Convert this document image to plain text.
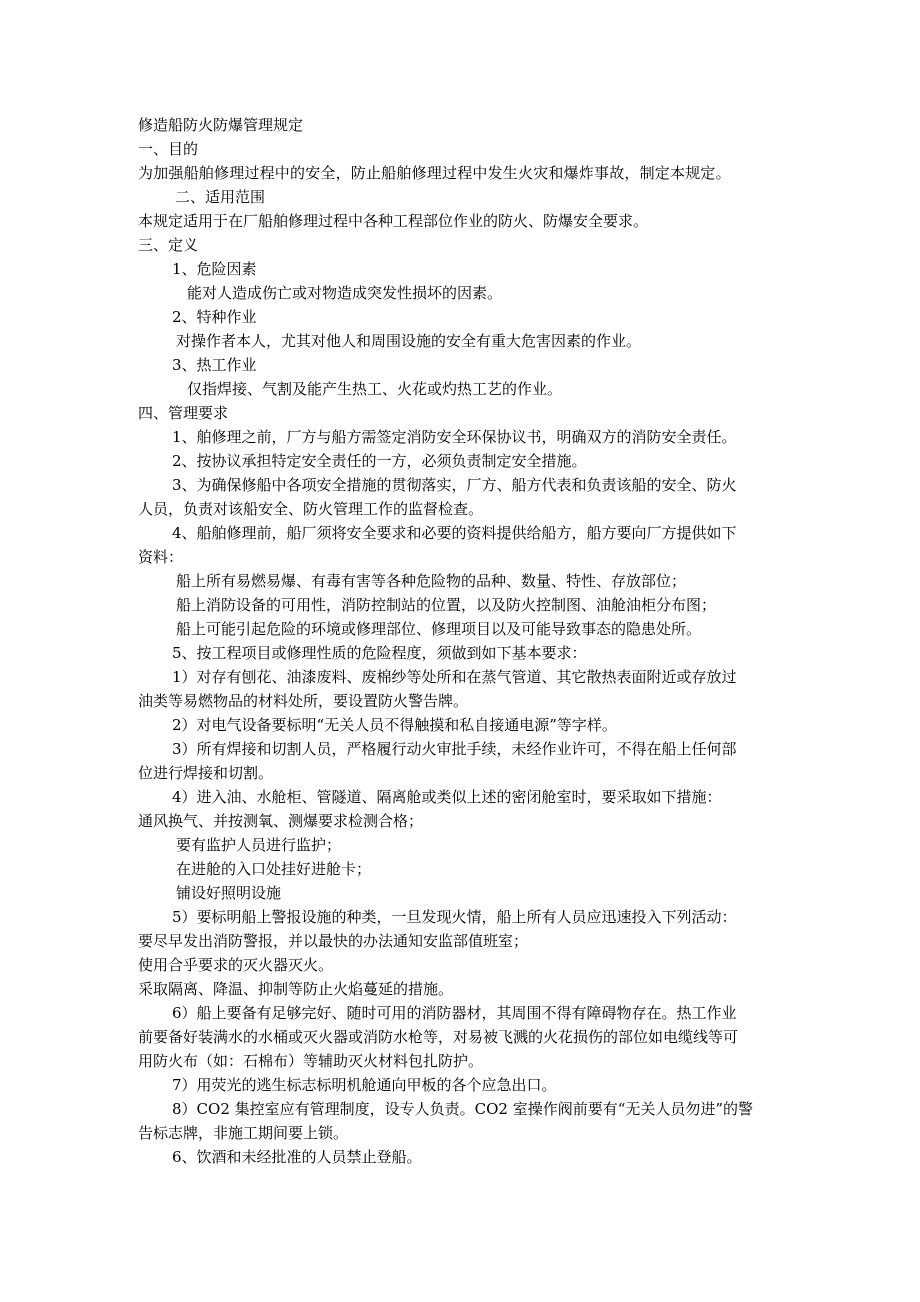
修造船防火防爆管理规定
一、目的
为加强船舶修理过程中的安全，防止船舶修理过程中发生火灾和爆炸事故，制定本规定。
二、适用范围
本规定适用于在厂船舶修理过程中各种工程部位作业的防火、防爆安全要求。
三、定义
1、危险因素
能对人造成伤亡或对物造成突发性损坏的因素。
2、特种作业
对操作者本人，尤其对他人和周围设施的安全有重大危害因素的作业。
3、热工作业
仅指焊接、气割及能产生热工、火花或灼热工艺的作业。
四、管理要求
1、舶修理之前，厂方与船方需签定消防安全环保协议书，明确双方的消防安全责任。
2、按协议承担特定安全责任的一方，必须负责制定安全措施。
3、为确保修船中各项安全措施的贯彻落实，厂方、船方代表和负责该船的安全、防火
人员，负责对该船安全、防火管理工作的监督检查。
4、船舶修理前，船厂须将安全要求和必要的资料提供给船方，船方要向厂方提供如下
资料：
船上所有易燃易爆、有毒有害等各种危险物的品种、数量、特性、存放部位；
船上消防设备的可用性，消防控制站的位置，以及防火控制图、油舱油柜分布图；
船上可能引起危险的环境或修理部位、修理项目以及可能导致事态的隐患处所。
5、按工程项目或修理性质的危险程度，须做到如下基本要求：
1）对存有刨花、油漆废料、废棉纱等处所和在蒸气管道、其它散热表面附近或存放过
油类等易燃物品的材料处所，要设置防火警告牌。
2）对电气设备要标明“无关人员不得触摸和私自接通电源”等字样。
3）所有焊接和切割人员，严格履行动火审批手续，未经作业许可，不得在船上任何部
位进行焊接和切割。
4）进入油、水舱柜、管隧道、隔离舱或类似上述的密闭舱室时，要采取如下措施：
通风换气、并按测氧、测爆要求检测合格；
要有监护人员进行监护；
在进舱的入口处挂好进舱卡；
铺设好照明设施
5）要标明船上警报设施的种类，一旦发现火情，船上所有人员应迅速投入下列活动：
要尽早发出消防警报，并以最快的办法通知安监部值班室；
使用合乎要求的灭火器灭火。
采取隔离、降温、抑制等防止火焰蔓延的措施。
6）船上要备有足够完好、随时可用的消防器材，其周围不得有障碍物存在。热工作业
前要备好装满水的水桶或灭火器或消防水枪等，对易被飞溅的火花损伤的部位如电缆线等可
用防火布（如：石棉布）等辅助灭火材料包扎防护。
7）用荧光的逃生标志标明机舱通向甲板的各个应急出口。
8）CO2 集控室应有管理制度，设专人负责。CO2 室操作阀前要有“无关人员勿进”的警
告标志牌，非施工期间要上锁。
6、饮酒和未经批准的人员禁止登船。
